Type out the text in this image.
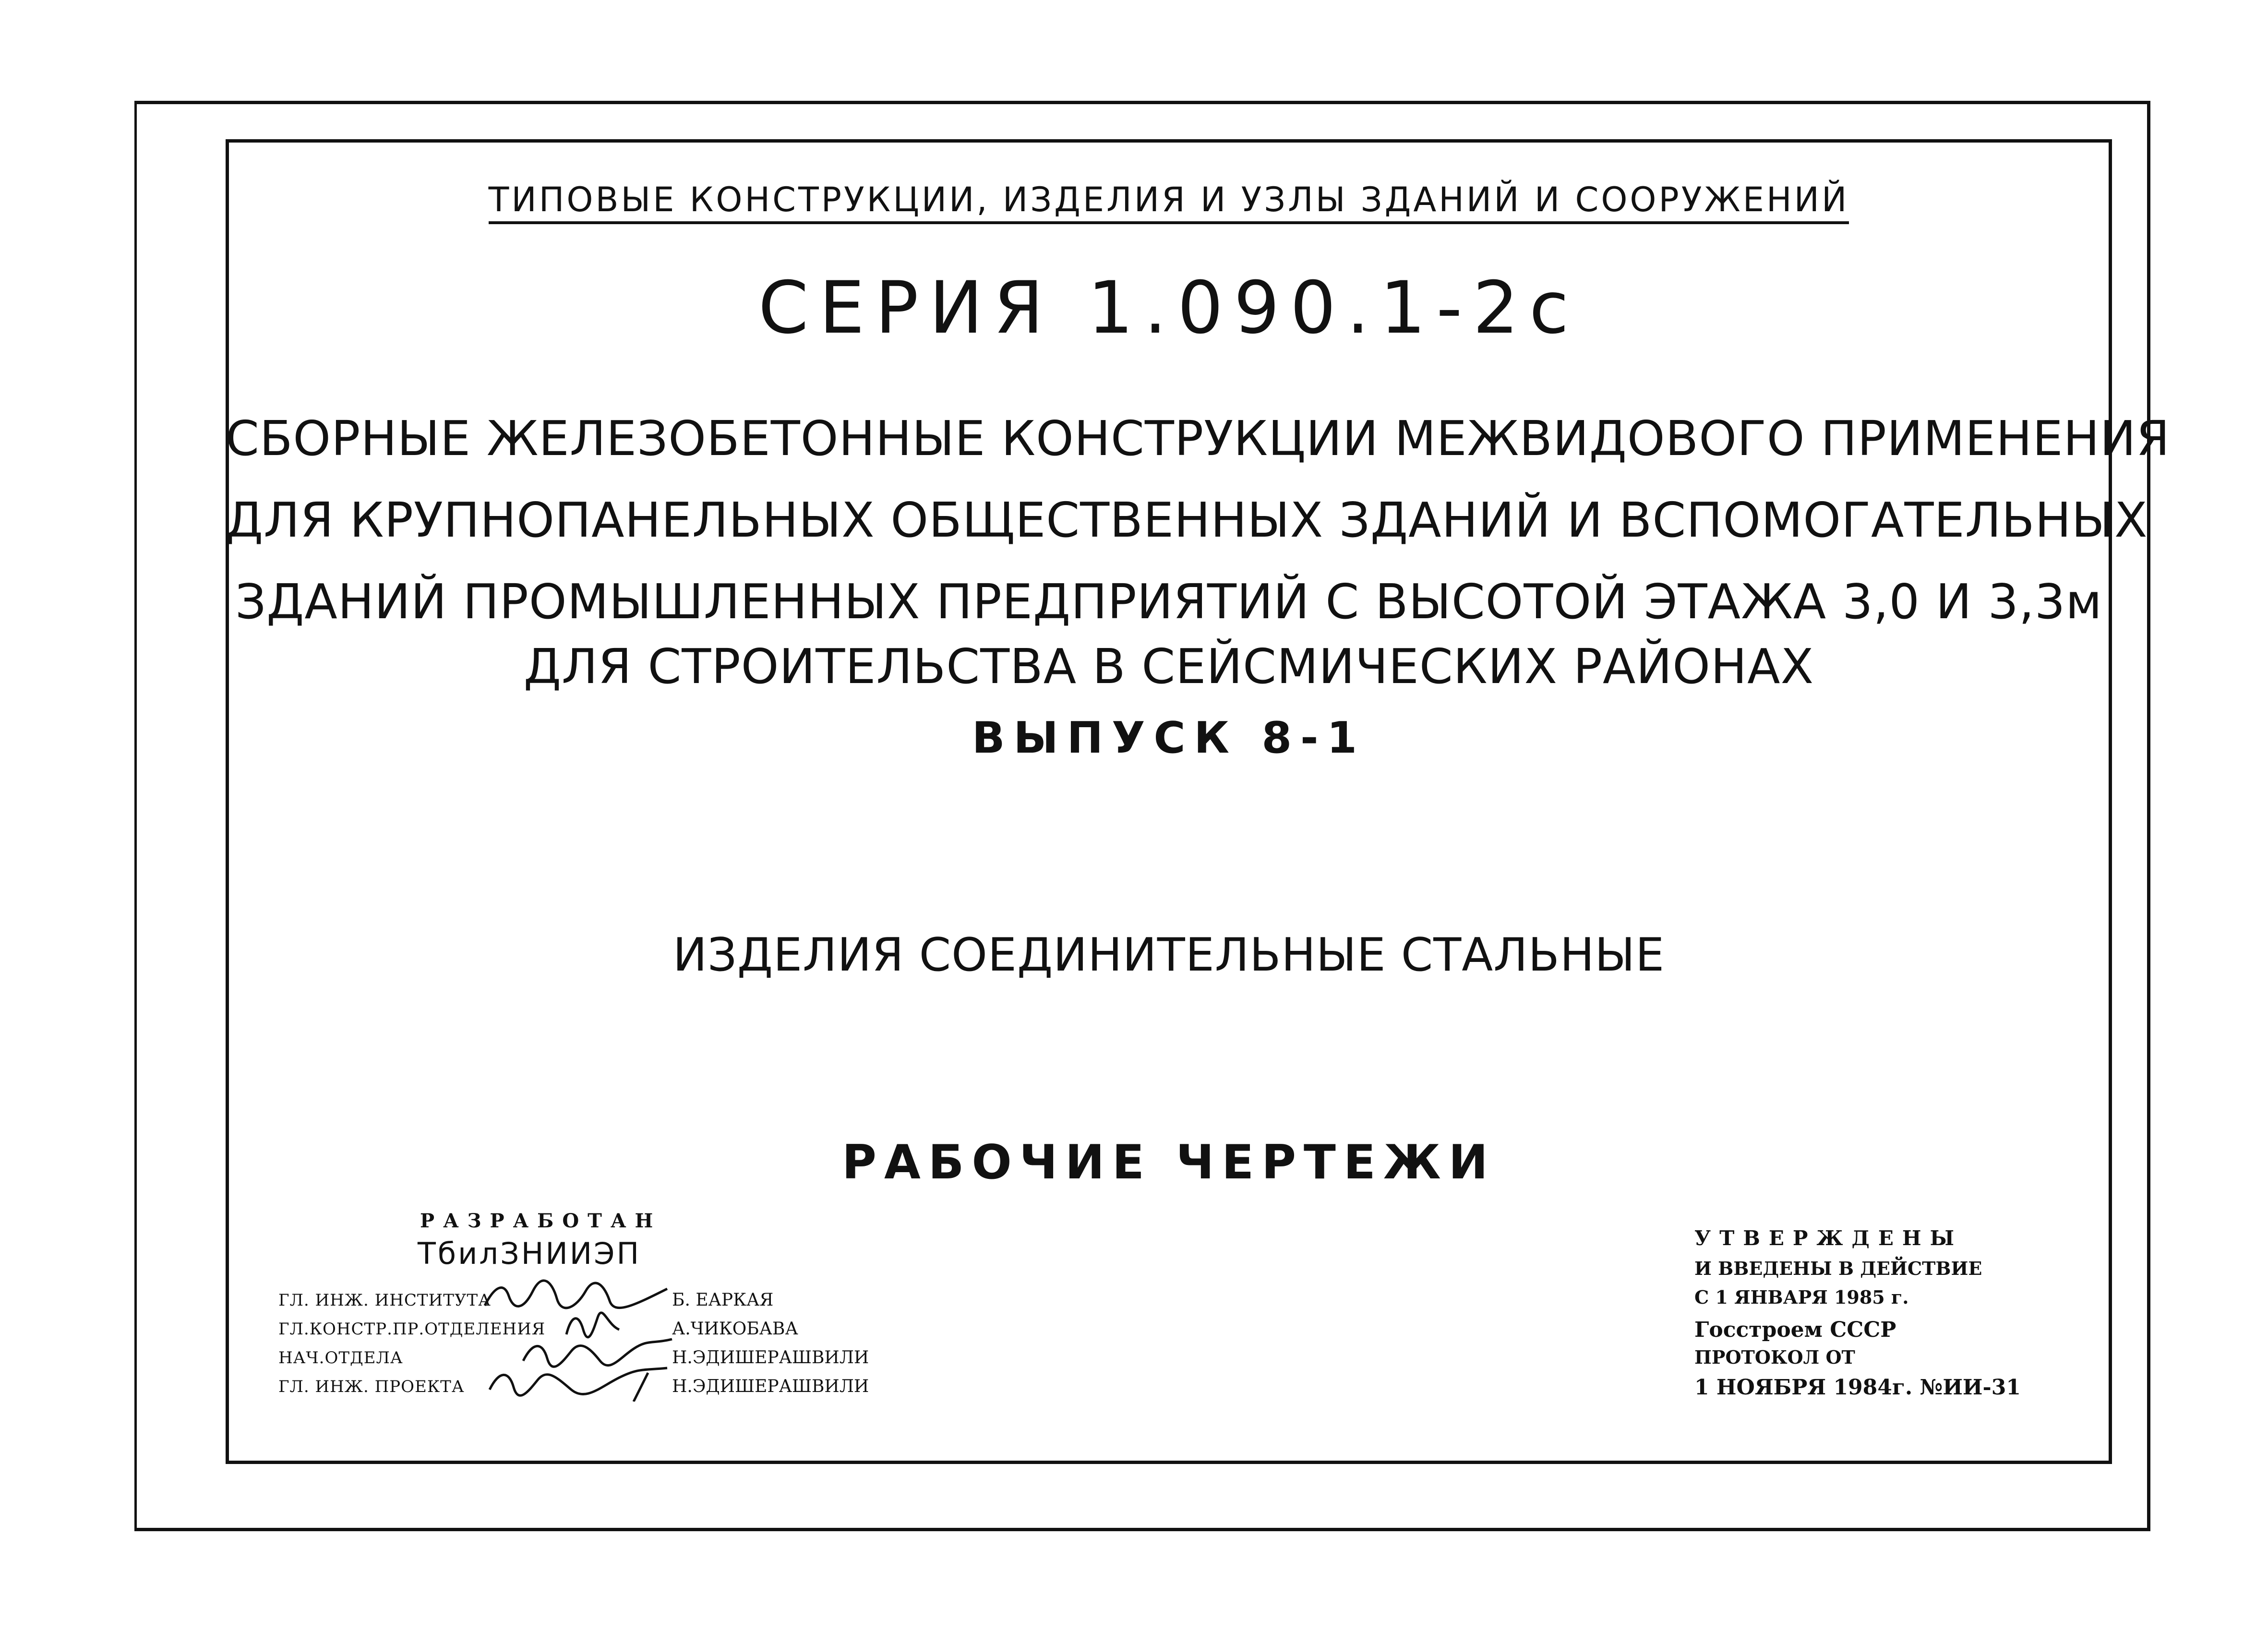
ТИПОВЫЕ КОНСТРУКЦИИ, ИЗДЕЛИЯ И УЗЛЫ ЗДАНИЙ И СООРУЖЕНИЙ
СЕРИЯ 1.090.1-2с
СБОРНЫЕ ЖЕЛЕЗОБЕТОННЫЕ КОНСТРУКЦИИ МЕЖВИДОВОГО ПРИМЕНЕНИЯ
ДЛЯ КРУПНОПАНЕЛЬНЫХ ОБЩЕСТВЕННЫХ ЗДАНИЙ И ВСПОМОГАТЕЛЬНЫХ
ЗДАНИЙ ПРОМЫШЛЕННЫХ ПРЕДПРИЯТИЙ С ВЫСОТОЙ ЭТАЖА 3,0 И 3,3м
ДЛЯ СТРОИТЕЛЬСТВА В СЕЙСМИЧЕСКИХ РАЙОНАХ
ВЫПУСК 8-1
ИЗДЕЛИЯ СОЕДИНИТЕЛЬНЫЕ СТАЛЬНЫЕ
РАБОЧИЕ ЧЕРТЕЖИ
РАЗРАБОТАН
ТбилЗНИИЭП
ГЛ. ИНЖ. ИНСТИТУТА	Б. ЕАРКАЯ
ГЛ.КОНСТР.ПР.ОТДЕЛЕНИЯ	А.ЧИКОБАВА
НАЧ.ОТДЕЛА	Н.ЭДИШЕРАШВИЛИ
ГЛ. ИНЖ. ПРОЕКТА	Н.ЭДИШЕРАШВИЛИ
УТВЕРЖДЕНЫ
И ВВЕДЕНЫ В ДЕЙСТВИЕ
С 1 ЯНВАРЯ 1985 г.
Госстроем СССР
ПРОТОКОЛ ОТ
1 НОЯБРЯ 1984г. №ИИ-31
